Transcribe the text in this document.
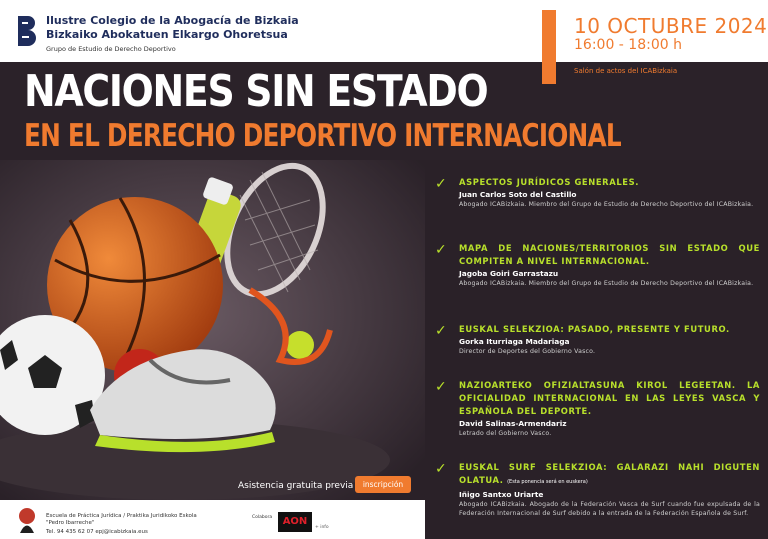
Ilustre Colegio de la Abogacía de Bizkaia
Bizkaiko Abokatuen Elkargo Ohoretsua
Grupo de Estudio de Derecho Deportivo
10 OCTUBRE 2024
16:00 - 18:00 h
Salón de actos del ICABizkaia
NACIONES SIN ESTADO
EN EL DERECHO DEPORTIVO INTERNACIONAL
Asistencia gratuita previa	inscripción
✓ ASPECTOS JURÍDICOS GENERALES.
Juan Carlos Soto del Castillo
Abogado ICABizkaia. Miembro del Grupo de Estudio de Derecho Deportivo del ICABizkaia.
✓ MAPA DE NACIONES/TERRITORIOS SIN ESTADO QUE COMPITEN A NIVEL INTERNACIONAL.
Jagoba Goiri Garrastazu
Abogado ICABizkaia. Miembro del Grupo de Estudio de Derecho Deportivo del ICABizkaia.
✓ EUSKAL SELEKZIOA: PASADO, PRESENTE Y FUTURO.
Gorka Iturriaga Madariaga
Director de Deportes del Gobierno Vasco.
✓ NAZIOARTEKO OFIZIALTASUNA KIROL LEGEETAN. LA OFICIALIDAD INTERNACIONAL EN LAS LEYES VASCA Y ESPAÑOLA DEL DEPORTE.
David Salinas-Armendariz
Letrado del Gobierno Vasco.
✓ EUSKAL SURF SELEKZIOA: GALARAZI NAHI DIGUTEN OLATUA. (Esta ponencia será en euskera)
Iñigo Santxo Uriarte
Abogado ICABizkaia. Abogado de la Federación Vasca de Surf cuando fue expulsada de la Federación Internacional de Surf debido a la entrada de la Federación Española de Surf.
Escuela de Práctica Jurídica / Praktika Juridikoko Eskola
"Pedro Ibarreche"
Tel. 94 435 62 07 epj@icabizkaia.eus
Colabora	AON
+ info
